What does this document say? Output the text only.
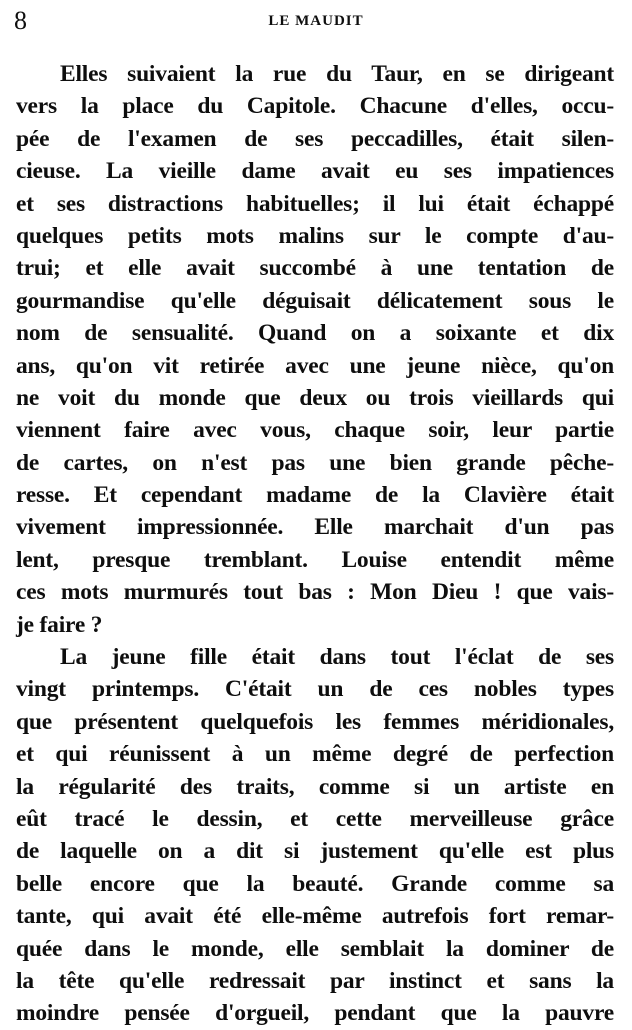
8	LE MAUDIT
Elles suivaient la rue du Taur, en se dirigeant
vers la place du Capitole. Chacune d'elles, occu-
pée de l'examen de ses peccadilles, était silen-
cieuse. La vieille dame avait eu ses impatiences
et ses distractions habituelles; il lui était échappé
quelques petits mots malins sur le compte d'au-
trui; et elle avait succombé à une tentation de
gourmandise qu'elle déguisait délicatement sous le
nom de sensualité. Quand on a soixante et dix
ans, qu'on vit retirée avec une jeune nièce, qu'on
ne voit du monde que deux ou trois vieillards qui
viennent faire avec vous, chaque soir, leur partie
de cartes, on n'est pas une bien grande pêche-
resse. Et cependant madame de la Clavière était
vivement impressionnée. Elle marchait d'un pas
lent, presque tremblant. Louise entendit même
ces mots murmurés tout bas : Mon Dieu ! que vais-
je faire ?
La jeune fille était dans tout l'éclat de ses
vingt printemps. C'était un de ces nobles types
que présentent quelquefois les femmes méridionales,
et qui réunissent à un même degré de perfection
la régularité des traits, comme si un artiste en
eût tracé le dessin, et cette merveilleuse grâce
de laquelle on a dit si justement qu'elle est plus
belle encore que la beauté. Grande comme sa
tante, qui avait été elle-même autrefois fort remar-
quée dans le monde, elle semblait la dominer de
la tête qu'elle redressait par instinct et sans la
moindre pensée d'orgueil, pendant que la pauvre
